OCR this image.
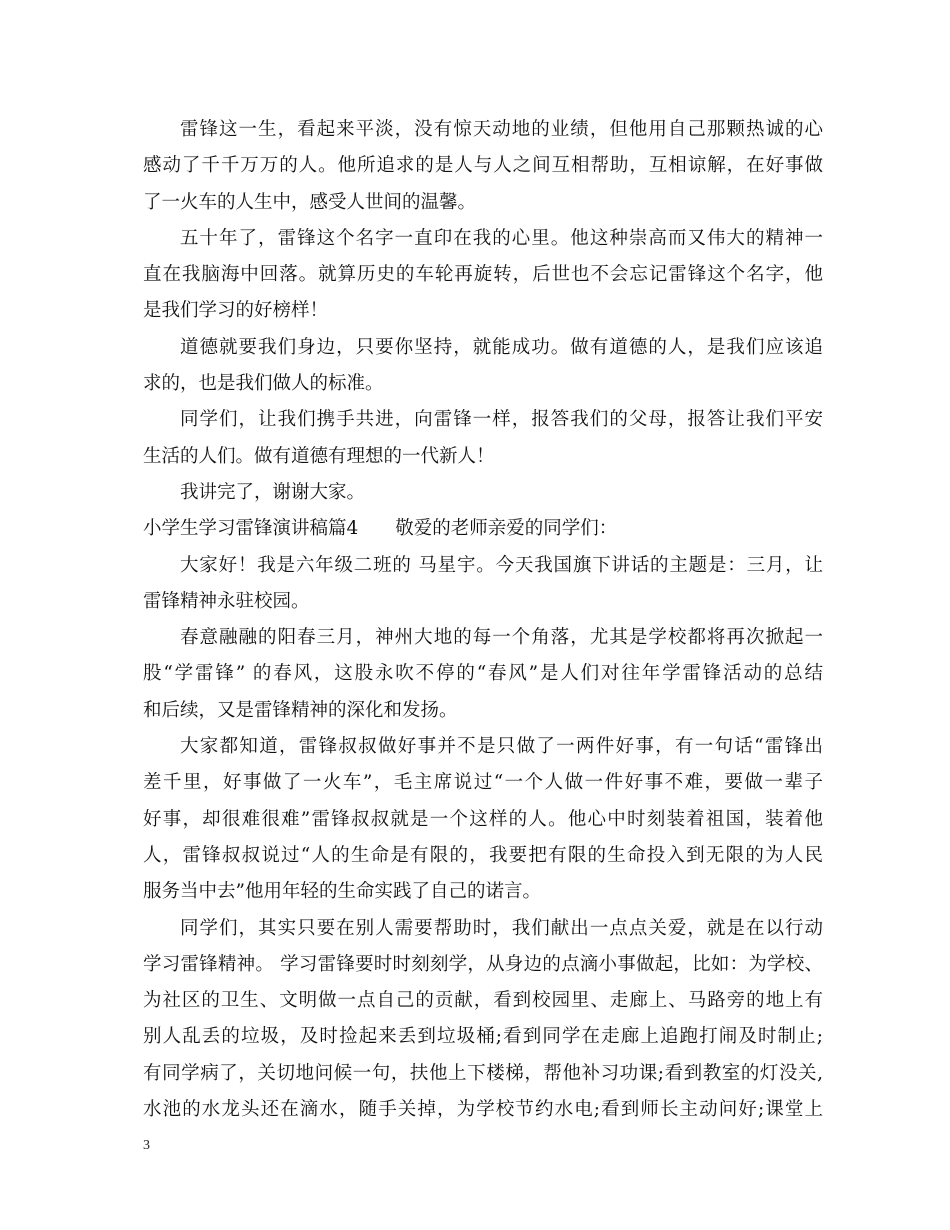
雷锋这一生，看起来平淡，没有惊天动地的业绩，但他用自己那颗热诚的心
感动了千千万万的人。他所追求的是人与人之间互相帮助，互相谅解，在好事做
了一火车的人生中，感受人世间的温馨。
五十年了，雷锋这个名字一直印在我的心里。他这种崇高而又伟大的精神一
直在我脑海中回落。就算历史的车轮再旋转，后世也不会忘记雷锋这个名字，他
是我们学习的好榜样！
道德就要我们身边，只要你坚持，就能成功。做有道德的人，是我们应该追
求的，也是我们做人的标准。
同学们，让我们携手共进，向雷锋一样，报答我们的父母，报答让我们平安
生活的人们。做有道德有理想的一代新人！
我讲完了，谢谢大家。
小学生学习雷锋演讲稿篇4　　敬爱的老师亲爱的同学们：
大家好！我是六年级二班的 马星宇。今天我国旗下讲话的主题是：三月，让
雷锋精神永驻校园。
春意融融的阳春三月，神州大地的每一个角落，尤其是学校都将再次掀起一
股“学雷锋” 的春风，这股永吹不停的“春风”是人们对往年学雷锋活动的总结
和后续，又是雷锋精神的深化和发扬。
大家都知道，雷锋叔叔做好事并不是只做了一两件好事，有一句话“雷锋出
差千里，好事做了一火车”，毛主席说过“一个人做一件好事不难，要做一辈子
好事，却很难很难”雷锋叔叔就是一个这样的人。他心中时刻装着祖国，装着他
人，雷锋叔叔说过“人的生命是有限的，我要把有限的生命投入到无限的为人民
服务当中去”他用年轻的生命实践了自己的诺言。
同学们，其实只要在别人需要帮助时，我们献出一点点关爱，就是在以行动
学习雷锋精神。 学习雷锋要时时刻刻学，从身边的点滴小事做起，比如：为学校、
为社区的卫生、文明做一点自己的贡献，看到校园里、走廊上、马路旁的地上有
别人乱丢的垃圾，及时捡起来丢到垃圾桶;看到同学在走廊上追跑打闹及时制止;
有同学病了，关切地问候一句，扶他上下楼梯，帮他补习功课;看到教室的灯没关,
水池的水龙头还在滴水，随手关掉，为学校节约水电;看到师长主动问好;课堂上
3
